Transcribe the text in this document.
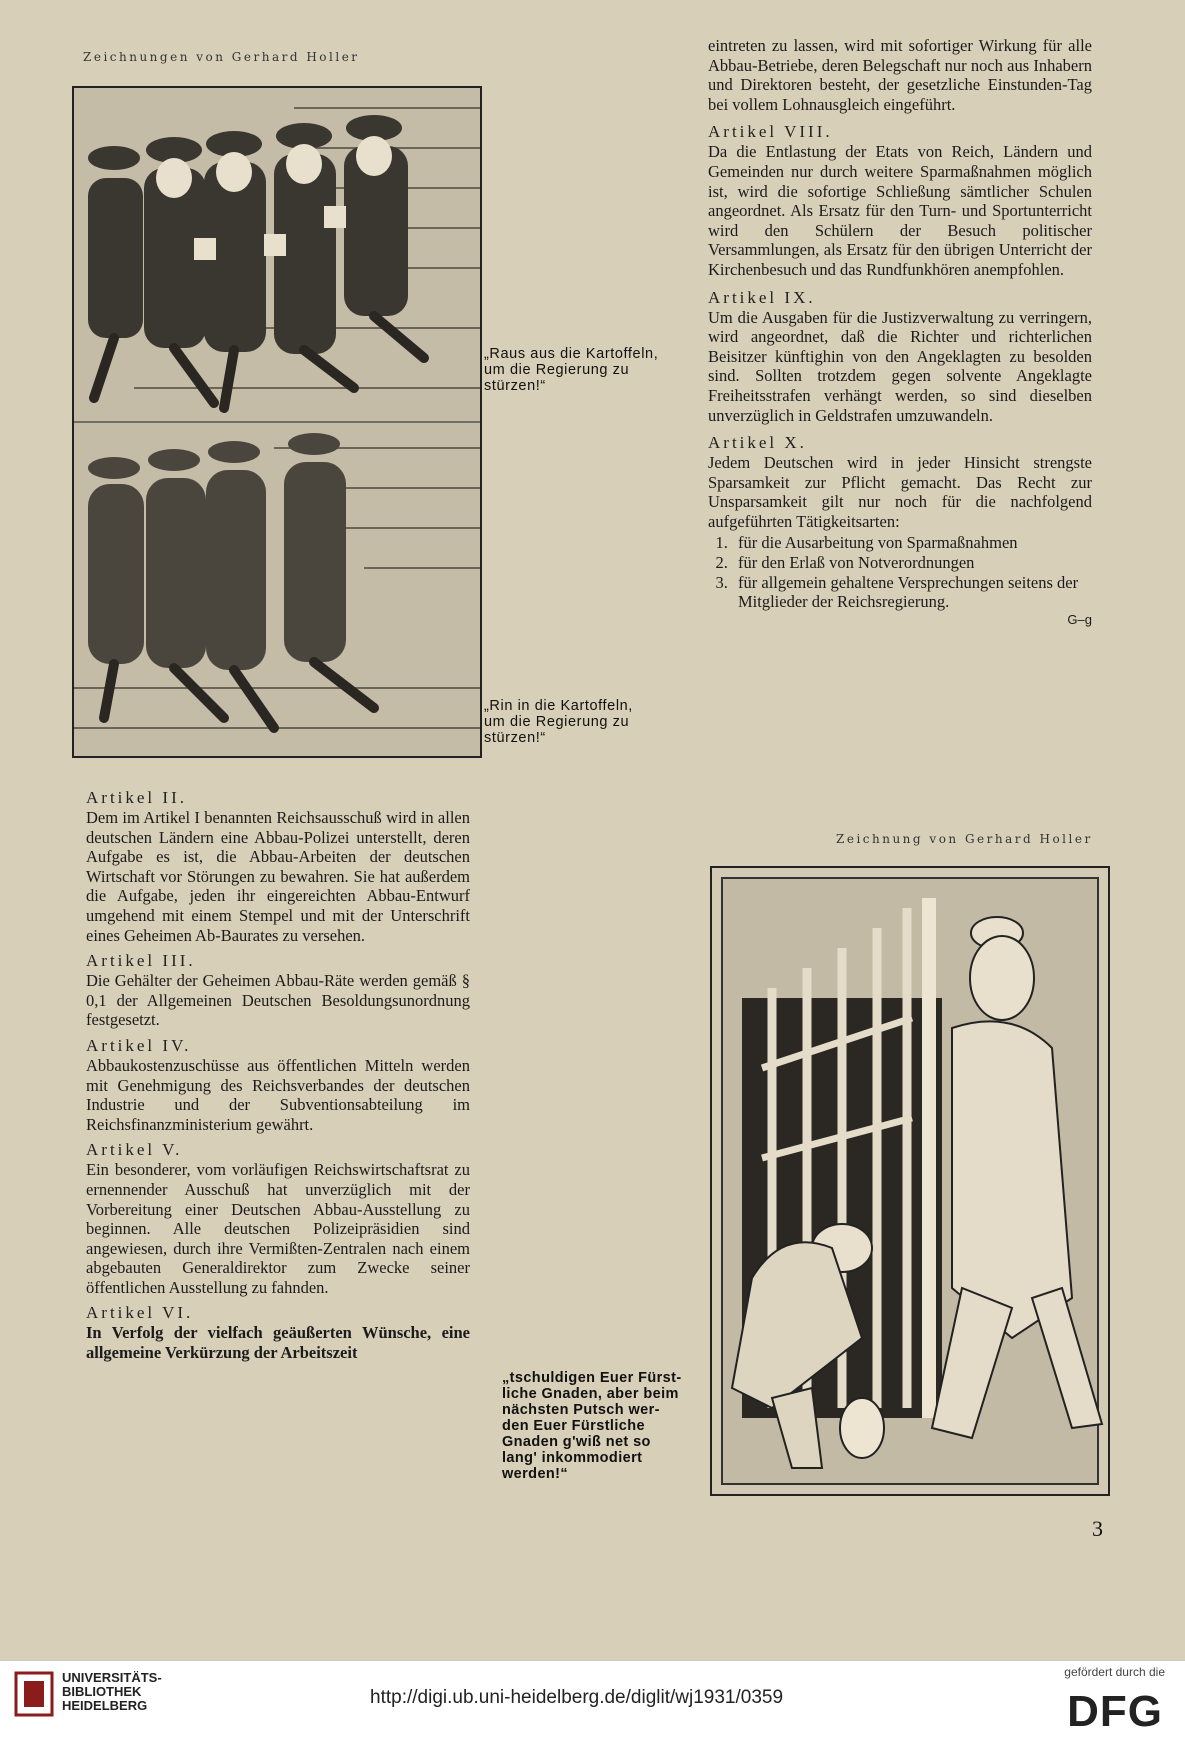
Zeichnungen von Gerhard Holler
Zeichnung von Gerhard Holler
„Raus aus die Kartoffeln,
um die Regierung zu
stürzen!“
„Rin in die Kartoffeln,
um die Regierung zu
stürzen!“
Artikel II.

Dem im Artikel I benannten Reichsausschuß wird in allen deutschen Ländern eine Abbau-Polizei unterstellt, deren Aufgabe es ist, die Abbau-Arbeiten der deutschen Wirtschaft vor Störungen zu bewahren. Sie hat außerdem die Aufgabe, jeden ihr eingereichten Abbau-Entwurf umgehend mit einem Stempel und mit der Unterschrift eines Geheimen Ab-Baurates zu versehen.

Artikel III.

Die Gehälter der Geheimen Abbau-Räte werden gemäß § 0,1 der Allgemeinen Deutschen Besoldungsunordnung festgesetzt.

Artikel IV.

Abbaukostenzuschüsse aus öffentlichen Mitteln werden mit Genehmigung des Reichsverbandes der deutschen Industrie und der Subventionsabteilung im Reichsfinanzministerium gewährt.

Artikel V.

Ein besonderer, vom vorläufigen Reichswirtschaftsrat zu ernennender Ausschuß hat unverzüglich mit der Vorbereitung einer Deutschen Abbau-Ausstellung zu beginnen. Alle deutschen Polizeipräsidien sind angewiesen, durch ihre Vermißten-Zentralen nach einem abgebauten Generaldirektor zum Zwecke seiner öffentlichen Ausstellung zu fahnden.

Artikel VI.

In Verfolg der vielfach geäußerten Wünsche, eine allgemeine Verkürzung der Arbeitszeit

eintreten zu lassen, wird mit sofortiger Wirkung für alle Abbau-Betriebe, deren Belegschaft nur noch aus Inhabern und Direktoren besteht, der gesetzliche Einstunden-Tag bei vollem Lohnausgleich eingeführt.

Artikel VIII.

Da die Entlastung der Etats von Reich, Ländern und Gemeinden nur durch weitere Sparmaßnahmen möglich ist, wird die sofortige Schließung sämtlicher Schulen angeordnet. Als Ersatz für den Turn- und Sportunterricht wird den Schülern der Besuch politischer Versammlungen, als Ersatz für den übrigen Unterricht der Kirchenbesuch und das Rundfunkhören anempfohlen.

Artikel IX.

Um die Ausgaben für die Justizverwaltung zu verringern, wird angeordnet, daß die Richter und richterlichen Beisitzer künftighin von den Angeklagten zu besolden sind. Sollten trotzdem gegen solvente Angeklagte Freiheitsstrafen verhängt werden, so sind dieselben unverzüglich in Geldstrafen umzuwandeln.

Artikel X.

Jedem Deutschen wird in jeder Hinsicht strengste Sparsamkeit zur Pflicht gemacht. Das Recht zur Unsparsamkeit gilt nur noch für die nachfolgend aufgeführten Tätigkeitsarten:

1. für die Ausarbeitung von Sparmaßnahmen
2. für den Erlaß von Notverordnungen
3. für allgemein gehaltene Versprechungen seitens der Mitglieder der Reichsregierung.
G–g
„tschuldigen Euer Fürst-
liche Gnaden, aber beim
nächsten Putsch wer-
den Euer Fürstliche
Gnaden g'wiß net so
lang' inkommodiert
werden!“
3
UNIVERSITÄTS-
BIBLIOTHEK
HEIDELBERG	http://digi.ub.uni-heidelberg.de/diglit/wj1931/0359
gefördert durch die
DFG
